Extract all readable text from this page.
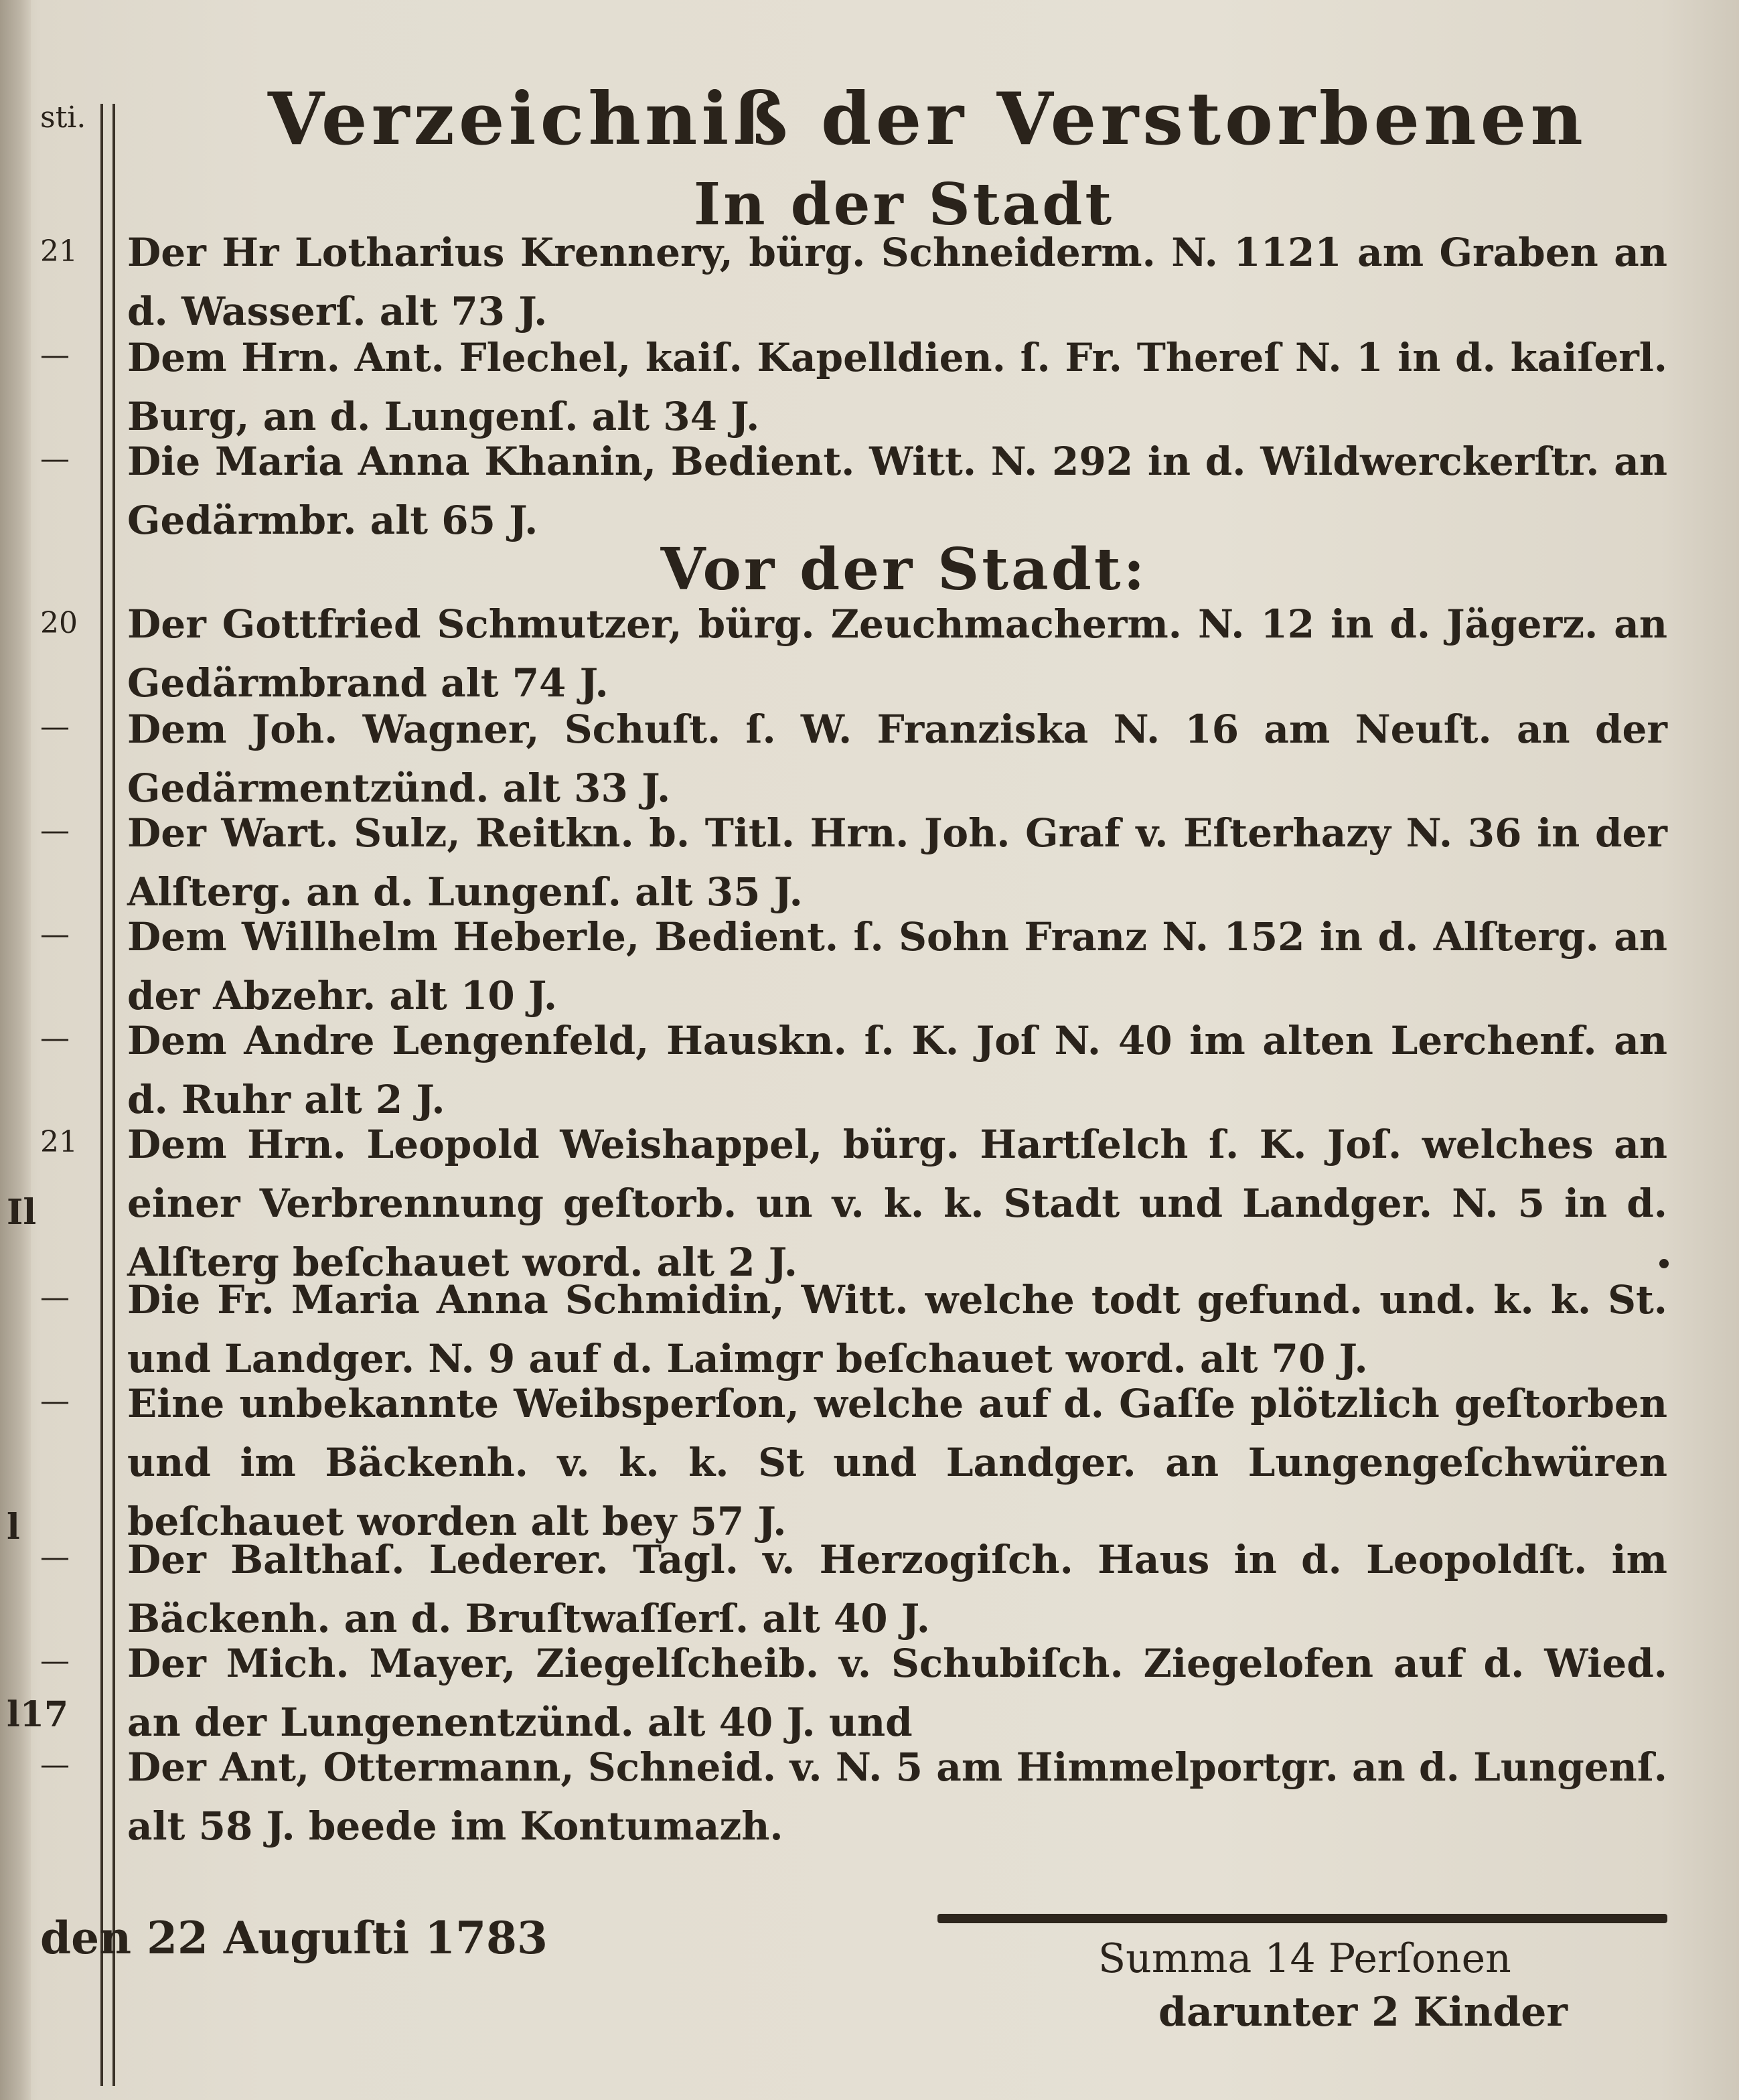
sti.	Verzeichniß der Verstorbenen
In der Stadt
21 Der Hr Lotharius Krennery, bürg. Schneiderm. N. 1121 am Graben an d. Wasserſ. alt 73 J.
— Dem Hrn. Ant. Flechel, kaiſ. Kapelldien. ſ. Fr. Thereſ N. 1 in d. kaiſerl. Burg, an d. Lungenſ. alt 34 J.
— Die Maria Anna Khanin, Bedient. Witt. N. 292 in d. Wildwerckerſtr. an Gedärmbr. alt 65 J.
Vor der Stadt:
20 Der Gottfried Schmutzer, bürg. Zeuchmacherm. N. 12 in d. Jägerz. an Gedärmbrand alt 74 J.
— Dem Joh. Wagner, Schuſt. ſ. W. Franziska N. 16 am Neuſt. an der Gedärmentzünd. alt 33 J.
— Der Wart. Sulz, Reitkn. b. Titl. Hrn. Joh. Graf v. Eſterhazy N. 36 in der Alſterg. an d. Lungenſ. alt 35 J.
— Dem Willhelm Heberle, Bedient. ſ. Sohn Franz N. 152 in d. Alſterg. an der Abzehr. alt 10 J.
— Dem Andre Lengenfeld, Hauskn. ſ. K. Joſ N. 40 im alten Lerchenf. an d. Ruhr alt 2 J.
21 Dem Hrn. Leopold Weishappel, bürg. Hartſelch ſ. K. Joſ. welches an einer Verbrennung geſtorb. un v. k. k. Stadt und Landger. N. 5 in d. Alſterg beſchauet word. alt 2 J.
— Die Fr. Maria Anna Schmidin, Witt. welche todt gefund. und. k. k. St. und Landger. N. 9 auf d. Laimgr beſchauet word. alt 70 J.
— Eine unbekannte Weibsperſon, welche auf d. Gaſſe plötzlich geſtorben und im Bäckenh. v. k. k. St und Landger. an Lungengeſchwüren beſchauet worden alt bey 57 J.
— Der Balthaſ. Lederer. Tagl. v. Herzogiſch. Haus in d. Leopoldſt. im Bäckenh. an d. Bruſtwaſſerſ. alt 40 J.
— Der Mich. Mayer, Ziegelſcheib. v. Schubiſch. Ziegelofen auf d. Wied. an der Lungenentzünd. alt 40 J. und
— Der Ant, Ottermann, Schneid. v. N. 5 am Himmelportgr. an d. Lungenſ. alt 58 J. beede im Kontumazh.
Il
l
l17
den 22 Auguſti 1783	Summa 14 Perſonen
darunter 2 Kinder
